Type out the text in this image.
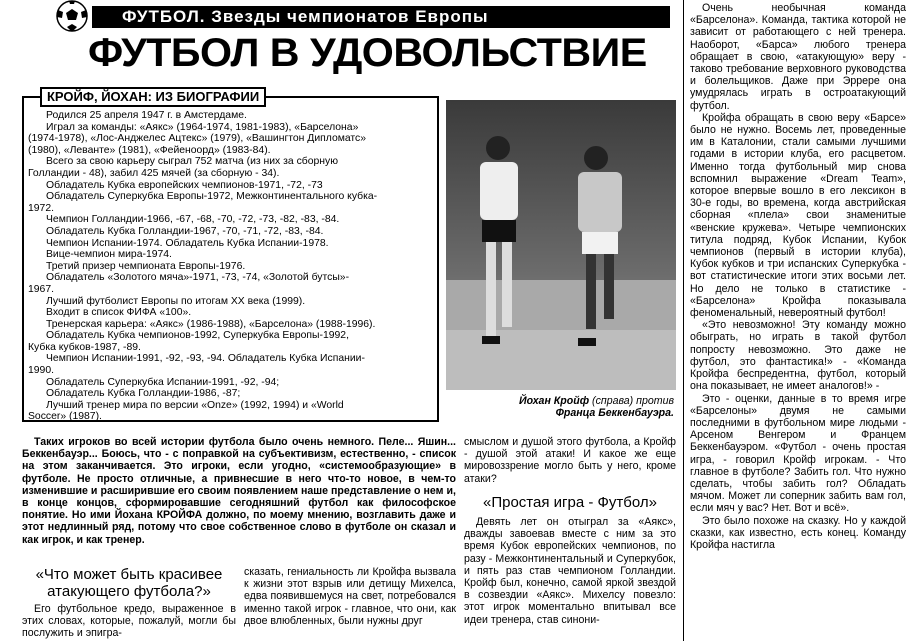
ФУТБОЛ. Звезды чемпионатов Европы
ФУТБОЛ В УДОВОЛЬСТВИЕ
КРОЙФ, ЙОХАН: ИЗ БИОГРАФИИ
Родился 25 апреля 1947 г. в Амстердаме.
Играл за команды: «Аякс» (1964-1974, 1981-1983), «Барселона»
(1974-1978), «Лос-Анджелес Ацтекс» (1979), «Вашингтон Дипломатс»
(1980), «Леванте» (1981), «Фейеноорд» (1983-84).
Всего за свою карьеру сыграл 752 матча (из них за сборную
Голландии - 48), забил 425 мячей (за сборную - 34).
Обладатель Кубка европейских чемпионов-1971, -72, -73
Обладатель Суперкубка Европы-1972, Межконтинентального кубка-
1972.
Чемпион Голландии-1966, -67, -68, -70, -72, -73, -82, -83, -84.
Обладатель Кубка Голландии-1967, -70, -71, -72, -83, -84.
Чемпион Испании-1974. Обладатель Кубка Испании-1978.
Вице-чемпион мира-1974.
Третий призер чемпионата Европы-1976.
Обладатель «Золотого мяча»-1971, -73, -74, «Золотой бутсы»-
1967.
Лучший футболист Европы по итогам ХХ века (1999).
Входит в список ФИФА «100».
Тренерская карьера: «Аякс» (1986-1988), «Барселона» (1988-1996).
Обладатель Кубка чемпионов-1992, Суперкубка Европы-1992,
Кубка кубков-1987, -89.
Чемпион Испании-1991, -92, -93, -94. Обладатель Кубка Испании-
1990.
Обладатель Суперкубка Испании-1991, -92, -94;
Обладатель Кубка Голландии-1986, -87;
Лучший тренер мира по версии «Onze» (1992, 1994) и «World
Soccer» (1987).
Йохан Кройф (справа) против
Франца Беккенбауэра.

Таких игроков во всей истории футбола было очень немного. Пеле... Яшин... Беккенбауэр... Боюсь, что - с поправкой на субъективизм, естественно, - список на этом заканчивается. Это игроки, если угодно, «системообразующие» в футболе. Не просто отличные, а привнесшие в него что-то новое, в чем-то изменившие и расширившие его своим появлением наше представление о нем и, в конце концов, сформировавшие сегодняшний футбол как философское понятие. Но ими Йохана КРОЙФА должно, по моему мнению, возглавить даже и этот недлинный ряд, потому что свое собственное слово в футболе он сказал и как игрок, и как тренер.

«Что может быть красивее атакующего футбола?»

Его футбольное кредо, выраженное в этих словах, которые, пожалуй, могли бы послужить и эпигра-

сказать, гениальность ли Кройфа вызвала к жизни этот взрыв или детищу Михелса, едва появившемуся на свет, потребовался именно такой игрок - главное, что они, как двое влюбленных, были нужны друг

смыслом и душой этого футбола, а Кройф - душой этой атаки! И какое же еще мировоззрение могло быть у него, кроме атаки?

«Простая игра - Футбол»

Девять лет он отыграл за «Аякс», дважды завоевав вместе с ним за это время Кубок европейских чемпионов, по разу - Межконтинентальный и Суперкубок, и пять раз став чемпионом Голландии. Кройф был, конечно, самой яркой звездой в созвездии «Аякс». Михелсу повезло: этот игрок моментально впитывал все идеи тренера, став синони-

Очень необычная команда «Барселона». Команда, тактика которой не зависит от работающего с ней тренера. Наоборот, «Барса» любого тренера обращает в свою, «атакующую» веру - таково требование верховного руководства и болельщиков. Даже при Эррере она умудрялась играть в остроатакующий футбол.

Кройфа обращать в свою веру «Барсе» было не нужно. Восемь лет, проведенные им в Каталонии, стали самыми лучшими годами в истории клуба, его расцветом. Именно тогда футбольный мир снова вспомнил выражение «Dream Team», которое впервые вошло в его лексикон в 30-е годы, во времена, когда австрийская сборная «плела» свои знаменитые «венские кружева». Четыре чемпионских титула подряд, Кубок Испании, Кубок чемпионов (первый в истории клуба), Кубок кубков и три испанских Суперкубка - вот статистические итоги этих восьми лет. Но дело не только в статистике - «Барселона» Кройфа показывала феноменальный, невероятный футбол!

«Это невозможно! Эту команду можно обыграть, но играть в такой футбол попросту невозможно. Это даже не футбол, это фантастика!» - «Команда Кройфа беспредентна, футбол, который она показывает, не имеет аналогов!» -

Это - оценки, данные в то время игре «Барселоны» двумя не самыми последними в футбольном мире людьми - Арсеном Венгером и Францем Беккенбауэром. «Футбол - очень простая игра, - говорил Кройф игрокам. - Что главное в футболе? Забить гол. Что нужно сделать, чтобы забить гол? Обладать мячом. Может ли соперник забить вам гол, если мяч у вас? Нет. Вот и всё».

Это было похоже на сказку. Но у каждой сказки, как известно, есть конец. Команду Кройфа настигла
